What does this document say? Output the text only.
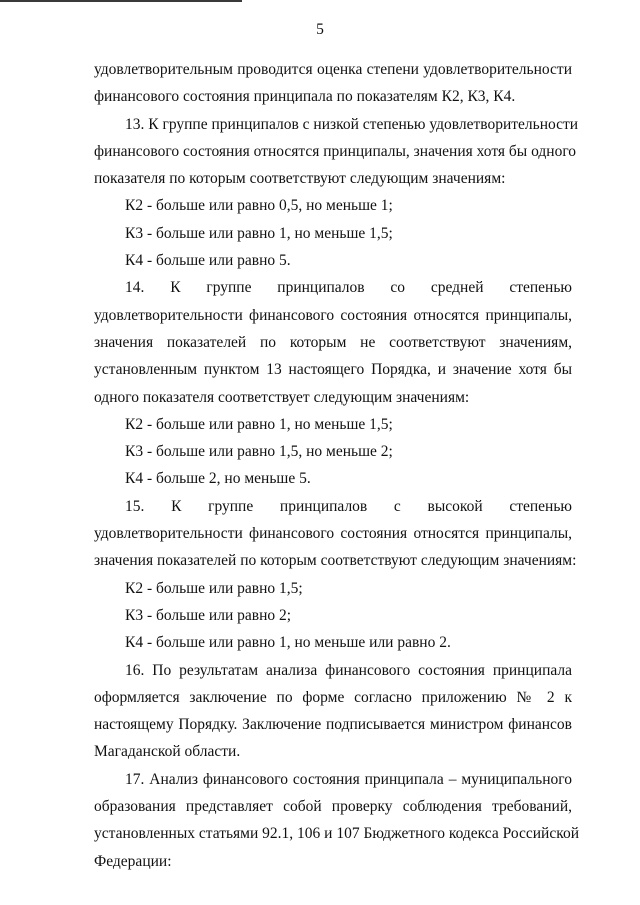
5
удовлетворительным проводится оценка степени удовлетворительности
финансового состояния принципала по показателям К2, К3, К4.
13. К группе принципалов с низкой степенью удовлетворительности
финансового состояния относятся принципалы, значения хотя бы одного
показателя по которым соответствуют следующим значениям:
К2 - больше или равно 0,5, но меньше 1;
К3 - больше или равно 1, но меньше 1,5;
К4 - больше или равно 5.
14. К группе принципалов со средней степенью
удовлетворительности финансового состояния относятся принципалы,
значения показателей по которым не соответствуют значениям,
установленным пунктом 13 настоящего Порядка, и значение хотя бы
одного показателя соответствует следующим значениям:
К2 - больше или равно 1, но меньше 1,5;
К3 - больше или равно 1,5, но меньше 2;
К4 - больше 2, но меньше 5.
15. К группе принципалов с высокой степенью
удовлетворительности финансового состояния относятся принципалы,
значения показателей по которым соответствуют следующим значениям:
К2 - больше или равно 1,5;
К3 - больше или равно 2;
К4 - больше или равно 1, но меньше или равно 2.
16. По результатам анализа финансового состояния принципала
оформляется заключение по форме согласно приложению № 2 к
настоящему Порядку. Заключение подписывается министром финансов
Магаданской области.
17. Анализ финансового состояния принципала – муниципального
образования представляет собой проверку соблюдения требований,
установленных статьями 92.1, 106 и 107 Бюджетного кодекса Российской
Федерации:
